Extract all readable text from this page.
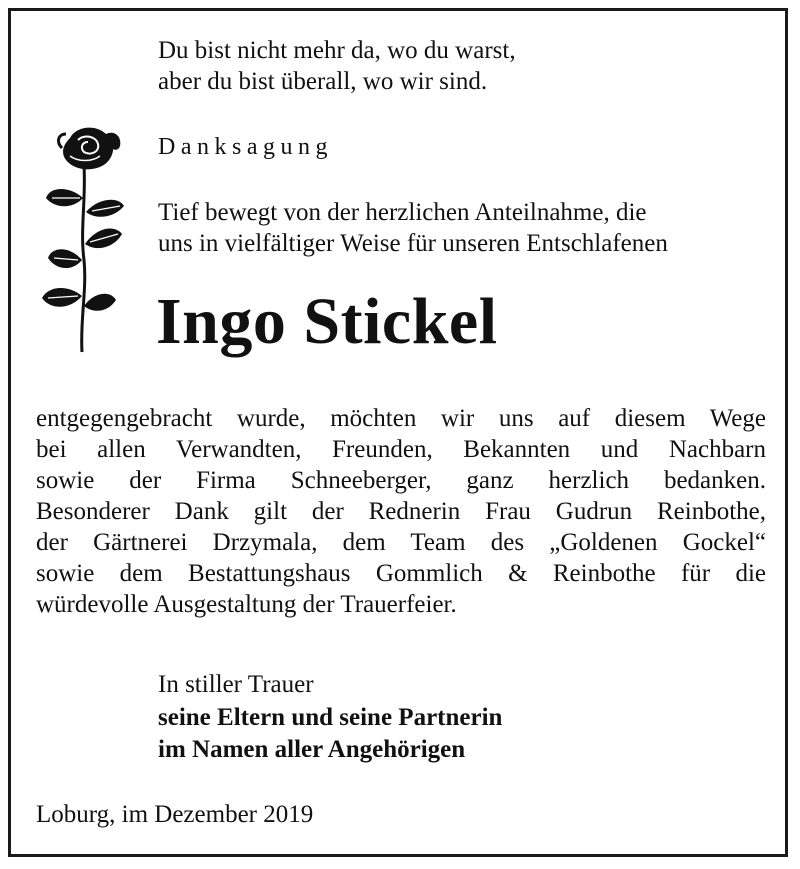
Du bist nicht mehr da, wo du warst,
aber du bist überall, wo wir sind.
Danksagung
Tief bewegt von der herzlichen Anteilnahme, die
uns in vielfältiger Weise für unseren Entschlafenen
Ingo Stickel
entgegengebracht wurde, möchten wir uns auf diesem Wege
bei allen Verwandten, Freunden, Bekannten und Nachbarn
sowie der Firma Schneeberger, ganz herzlich bedanken.
Besonderer Dank gilt der Rednerin Frau Gudrun Reinbothe,
der Gärtnerei Drzymala, dem Team des „Goldenen Gockel“
sowie dem Bestattungshaus Gommlich & Reinbothe für die
würdevolle Ausgestaltung der Trauerfeier.
In stiller Trauer
seine Eltern und seine Partnerin
im Namen aller Angehörigen
Loburg, im Dezember 2019
